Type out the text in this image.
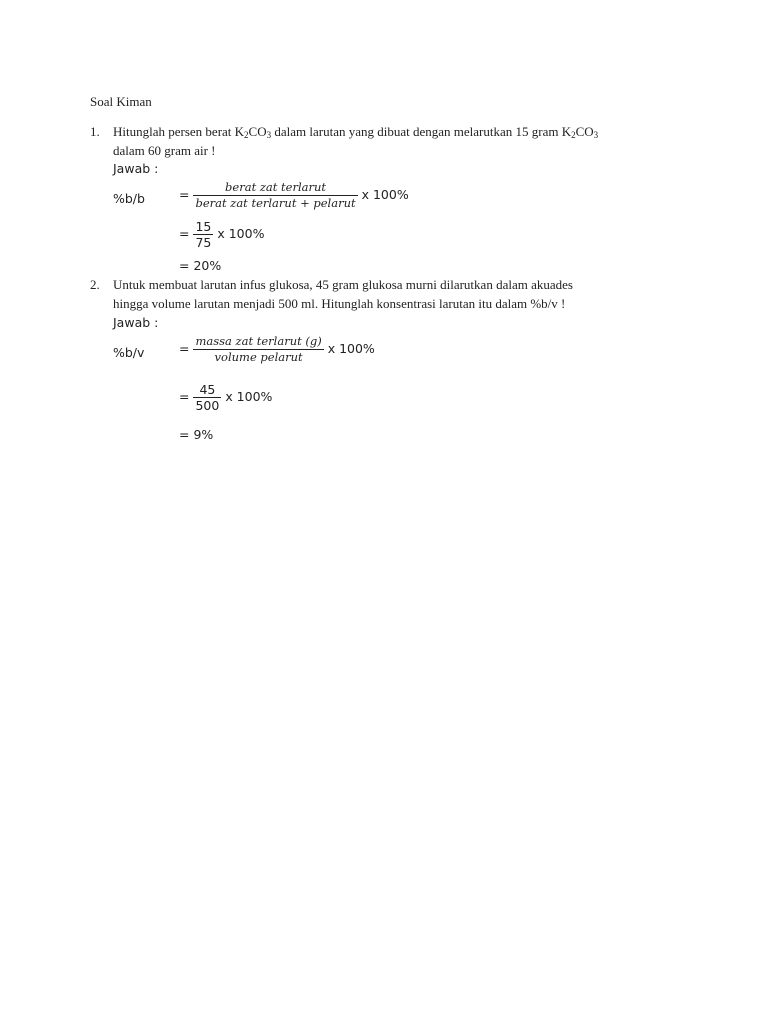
Soal Kiman
1. Hitunglah persen berat $K_2CO_3$ dalam larutan yang dibuat dengan melarutkan 15 gram $K_2CO_3$
dalam 60 gram air !
Jawab :
%b/b	= $\frac{\text{berat zat terlarut}}{\text{berat zat terlarut + pelarut}}$ x 100%
= $\frac{15}{75}$ x 100%
= 20%
2. Untuk membuat larutan infus glukosa, 45 gram glukosa murni dilarutkan dalam akuades
hingga volume larutan menjadi 500 ml. Hitunglah konsentrasi larutan itu dalam %b/v !
Jawab :
%b/v	= $\frac{\text{massa zat terlarut (g)}}{\text{volume pelarut}}$ x 100%
= $\frac{45}{500}$ x 100%
= 9%
